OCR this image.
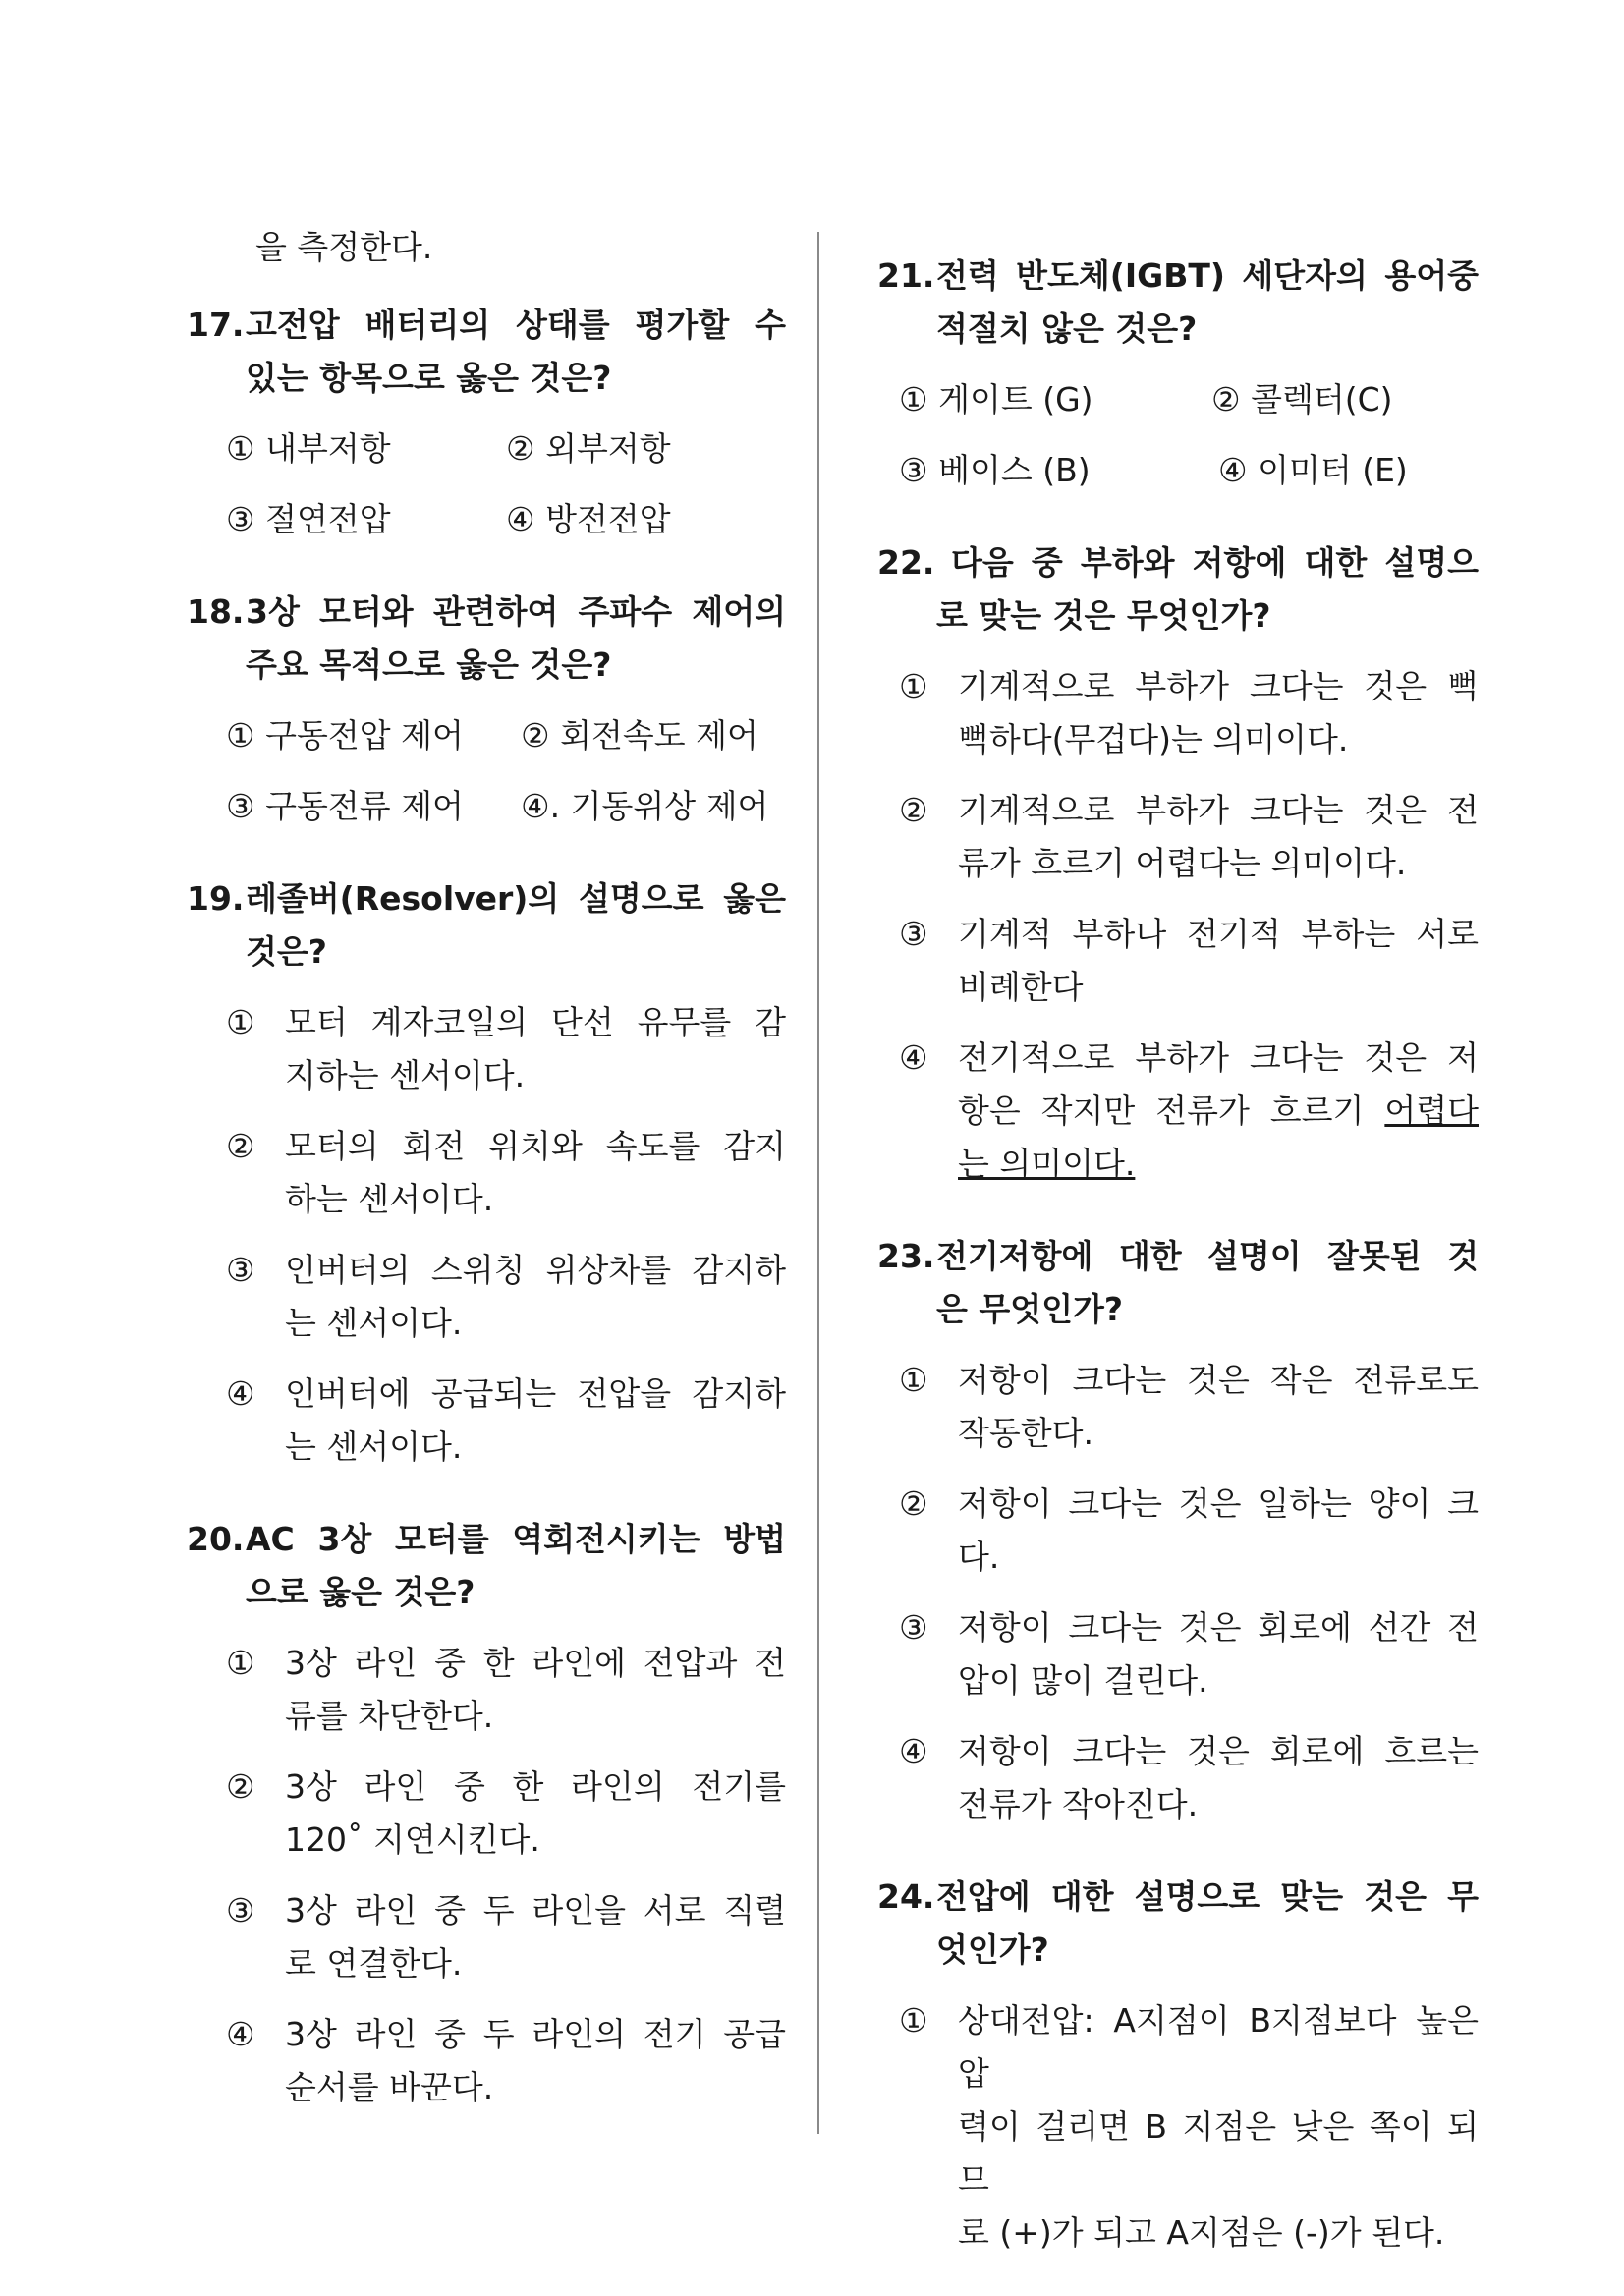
을 측정한다.
17. 고전압 배터리의 상태를 평가할 수
있는 항목으로 옳은 것은?
① 내부저항	② 외부저항
③ 절연전압	④ 방전전압
18. 3상 모터와 관련하여 주파수 제어의
주요 목적으로 옳은 것은?
① 구동전압 제어	② 회전속도 제어
③ 구동전류 제어	④. 기동위상 제어
19. 레졸버(Resolver)의 설명으로 옳은
것은?
① 모터 계자코일의 단선 유무를 감
지하는 센서이다.
② 모터의 회전 위치와 속도를 감지
하는 센서이다.
③ 인버터의 스위칭 위상차를 감지하
는 센서이다.
④ 인버터에 공급되는 전압을 감지하
는 센서이다.
20. AC 3상 모터를 역회전시키는 방법
으로 옳은 것은?
① 3상 라인 중 한 라인에 전압과 전
류를 차단한다.
② 3상 라인 중 한 라인의 전기를
120˚ 지연시킨다.
③ 3상 라인 중 두 라인을 서로 직렬
로 연결한다.
④ 3상 라인 중 두 라인의 전기 공급
순서를 바꾼다.
21. 전력 반도체(IGBT) 세단자의 용어중
적절치 않은 것은?
① 게이트 (G)	② 콜렉터(C)
③ 베이스 (B)	④ 이미터 (E)
22. 다음 중 부하와 저항에 대한 설명으
로 맞는 것은 무엇인가?
① 기계적으로 부하가 크다는 것은 뻑
뻑하다(무겁다)는 의미이다.
② 기계적으로 부하가 크다는 것은 전
류가 흐르기 어렵다는 의미이다.
③ 기계적 부하나 전기적 부하는 서로
비례한다
④ 전기적으로 부하가 크다는 것은 저
항은 작지만 전류가 흐르기 어렵다
는 의미이다.
23. 전기저항에 대한 설명이 잘못된 것
은 무엇인가?
① 저항이 크다는 것은 작은 전류로도
작동한다.
② 저항이 크다는 것은 일하는 양이 크다.
③ 저항이 크다는 것은 회로에 선간 전
압이 많이 걸린다.
④ 저항이 크다는 것은 회로에 흐르는
전류가 작아진다.
24. 전압에 대한 설명으로 맞는 것은 무
엇인가?
① 상대전압: A지점이 B지점보다 높은 압
력이 걸리면 B 지점은 낮은 쪽이 되므
로 (+)가 되고 A지점은 (-)가 된다.
